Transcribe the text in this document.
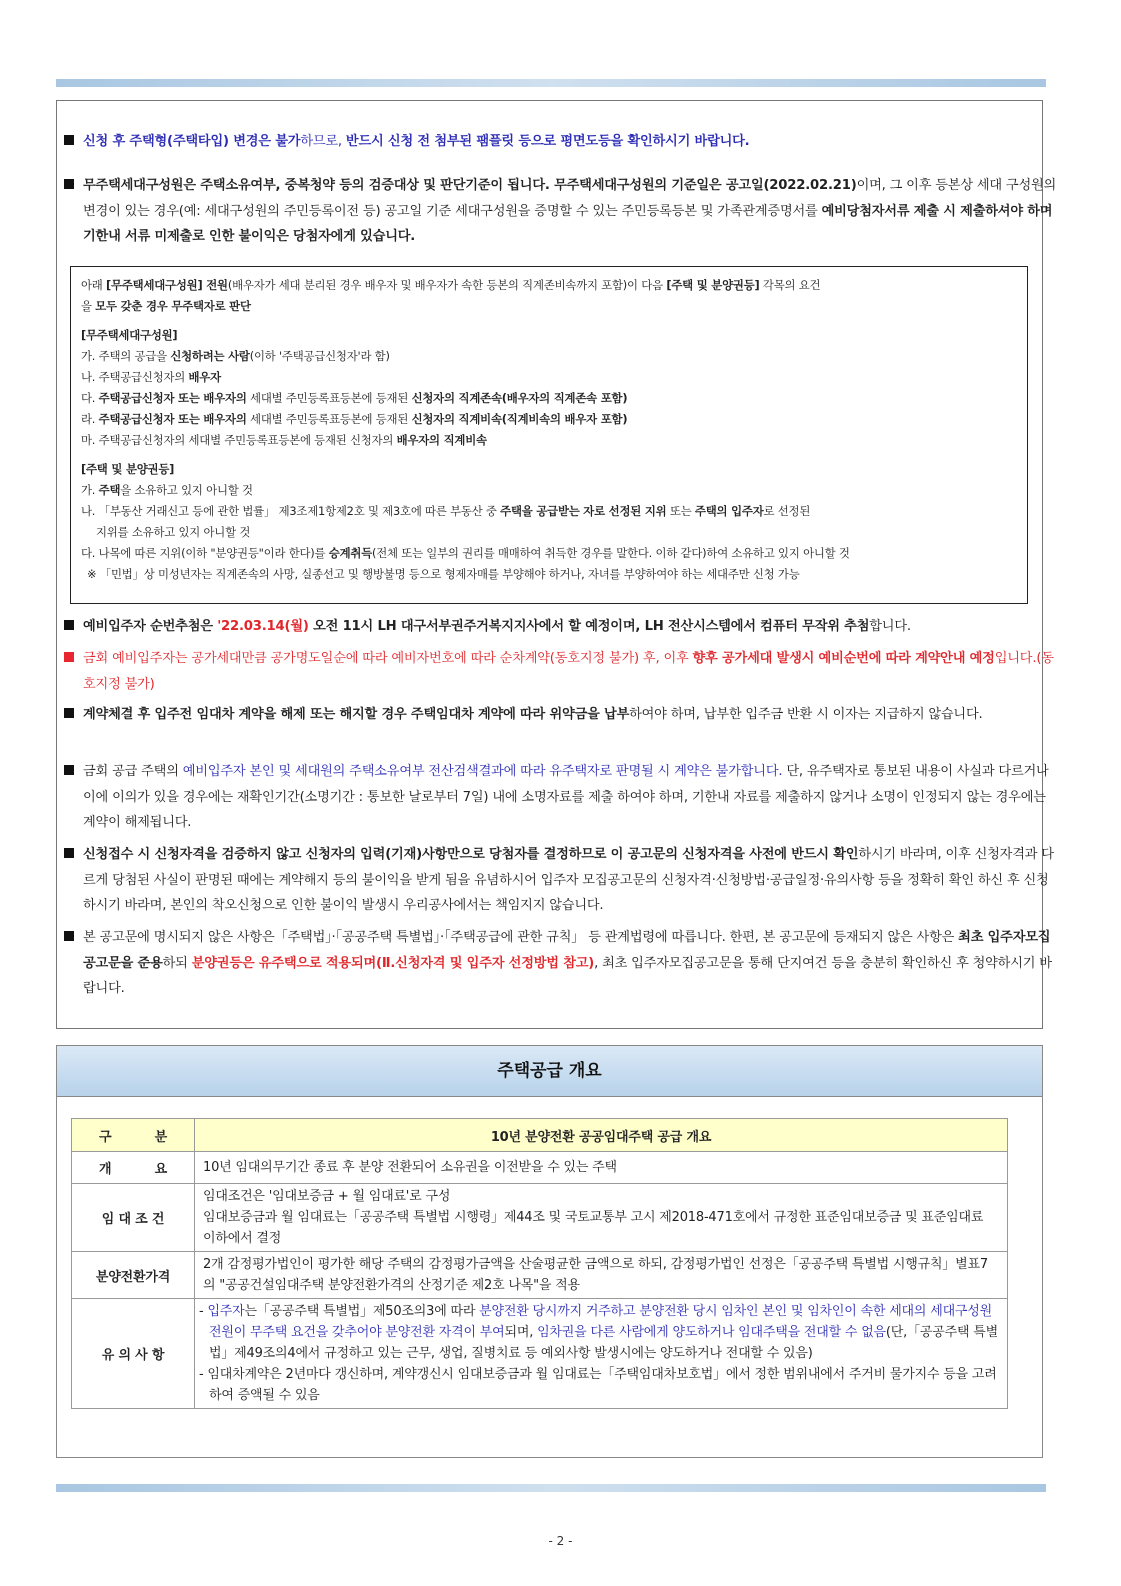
신청 후 주택형(주택타입) 변경은 불가하므로, 반드시 신청 전 첨부된 팸플릿 등으로 평면도등을 확인하시기 바랍니다.
무주택세대구성원은 주택소유여부, 중복청약 등의 검증대상 및 판단기준이 됩니다. 무주택세대구성원의 기준일은 공고일(2022.02.21)이며, 그 이후 등본상 세대 구성원의 변경이 있는 경우(예: 세대구성원의 주민등록이전 등) 공고일 기준 세대구성원을 증명할 수 있는 주민등록등본 및 가족관계증명서를 예비당첨자서류 제출 시 제출하셔야 하며 기한내 서류 미제출로 인한 불이익은 당첨자에게 있습니다.
아래 [무주택세대구성원] 전원(배우자가 세대 분리된 경우 배우자 및 배우자가 속한 등본의 직계존비속까지 포함)이 다음 [주택 및 분양권등] 각목의 요건
을 모두 갖춘 경우 무주택자로 판단
[무주택세대구성원]
가. 주택의 공급을 신청하려는 사람(이하 '주택공급신청자'라 함)
나. 주택공급신청자의 배우자
다. 주택공급신청자 또는 배우자의 세대별 주민등록표등본에 등재된 신청자의 직계존속(배우자의 직계존속 포함)
라. 주택공급신청자 또는 배우자의 세대별 주민등록표등본에 등재된 신청자의 직계비속(직계비속의 배우자 포함)
마. 주택공급신청자의 세대별 주민등록표등본에 등재된 신청자의 배우자의 직계비속
[주택 및 분양권등]
가. 주택을 소유하고 있지 아니할 것
나. 「부동산 거래신고 등에 관한 법률」 제3조제1항제2호 및 제3호에 따른 부동산 중 주택을 공급받는 자로 선정된 지위 또는 주택의 입주자로 선정된
지위를 소유하고 있지 아니할 것
다. 나목에 따른 지위(이하 "분양권등"이라 한다)를 승계취득(전체 또는 일부의 권리를 매매하여 취득한 경우를 말한다. 이하 같다)하여 소유하고 있지 아니할 것
※ 「민법」상 미성년자는 직계존속의 사망, 실종선고 및 행방불명 등으로 형제자매를 부양해야 하거나, 자녀를 부양하여야 하는 세대주만 신청 가능
예비입주자 순번추첨은 '22.03.14(월) 오전 11시 LH 대구서부권주거복지지사에서 할 예정이며, LH 전산시스템에서 컴퓨터 무작위 추첨합니다.
금회 예비입주자는 공가세대만큼 공가명도일순에 따라 예비자번호에 따라 순차계약(동호지정 불가) 후, 이후 향후 공가세대 발생시 예비순번에 따라 계약안내 예정입니다.(동호지정 불가)
계약체결 후 입주전 임대차 계약을 해제 또는 해지할 경우 주택임대차 계약에 따라 위약금을 납부하여야 하며, 납부한 입주금 반환 시 이자는 지급하지 않습니다.
금회 공급 주택의 예비입주자 본인 및 세대원의 주택소유여부 전산검색결과에 따라 유주택자로 판명될 시 계약은 불가합니다. 단, 유주택자로 통보된 내용이 사실과 다르거나 이에 이의가 있을 경우에는 재확인기간(소명기간 : 통보한 날로부터 7일) 내에 소명자료를 제출 하여야 하며, 기한내 자료를 제출하지 않거나 소명이 인정되지 않는 경우에는 계약이 해제됩니다.
신청접수 시 신청자격을 검증하지 않고 신청자의 입력(기재)사항만으로 당첨자를 결정하므로 이 공고문의 신청자격을 사전에 반드시 확인하시기 바라며, 이후 신청자격과 다르게 당첨된 사실이 판명된 때에는 계약해지 등의 불이익을 받게 됨을 유념하시어 입주자 모집공고문의 신청자격·신청방법·공급일정·유의사항 등을 정확히 확인 하신 후 신청하시기 바라며, 본인의 착오신청으로 인한 불이익 발생시 우리공사에서는 책임지지 않습니다.
본 공고문에 명시되지 않은 사항은「주택법」·「공공주택 특별법」·「주택공급에 관한 규칙」 등 관계법령에 따릅니다. 한편, 본 공고문에 등재되지 않은 사항은 최초 입주자모집공고문을 준용하되 분양권등은 유주택으로 적용되며(Ⅱ.신청자격 및 입주자 선정방법 참고), 최초 입주자모집공고문을 통해 단지여건 등을 충분히 확인하신 후 청약하시기 바랍니다.
주택공급 개요
구          분	10년 분양전환 공공임대주택 공급 개요
개          요	10년 임대의무기간 종료 후 분양 전환되어 소유권을 이전받을 수 있는 주택
임 대 조 건	임대조건은 '임대보증금 + 월 임대료'로 구성
임대보증금과 월 임대료는「공공주택 특별법 시행령」제44조 및 국토교통부 고시 제2018-471호에서 규정한 표준임대보증금 및 표준임대료 이하에서 결정

분양전환가격	2개 감정평가법인이 평가한 해당 주택의 감정평가금액을 산술평균한 금액으로 하되, 감정평가법인 선정은「공공주택 특별법 시행규칙」별표7의 "공공건설임대주택 분양전환가격의 산정기준 제2호 나목"을 적용
유 의 사 항	- 입주자는「공공주택 특별법」제50조의3에 따라 분양전환 당시까지 거주하고 분양전환 당시 임차인 본인 및 임차인이 속한 세대의 세대구성원 전원이 무주택 요건을 갖추어야 분양전환 자격이 부여되며, 임차권을 다른 사람에게 양도하거나 임대주택을 전대할 수 없음(단,「공공주택 특별법」제49조의4에서 규정하고 있는 근무, 생업, 질병치료 등 예외사항 발생시에는 양도하거나 전대할 수 있음)
- 임대차계약은 2년마다 갱신하며, 계약갱신시 임대보증금과 월 임대료는「주택임대차보호법」에서 정한 범위내에서 주거비 물가지수 등을 고려하여 증액될 수 있음
- 2 -
